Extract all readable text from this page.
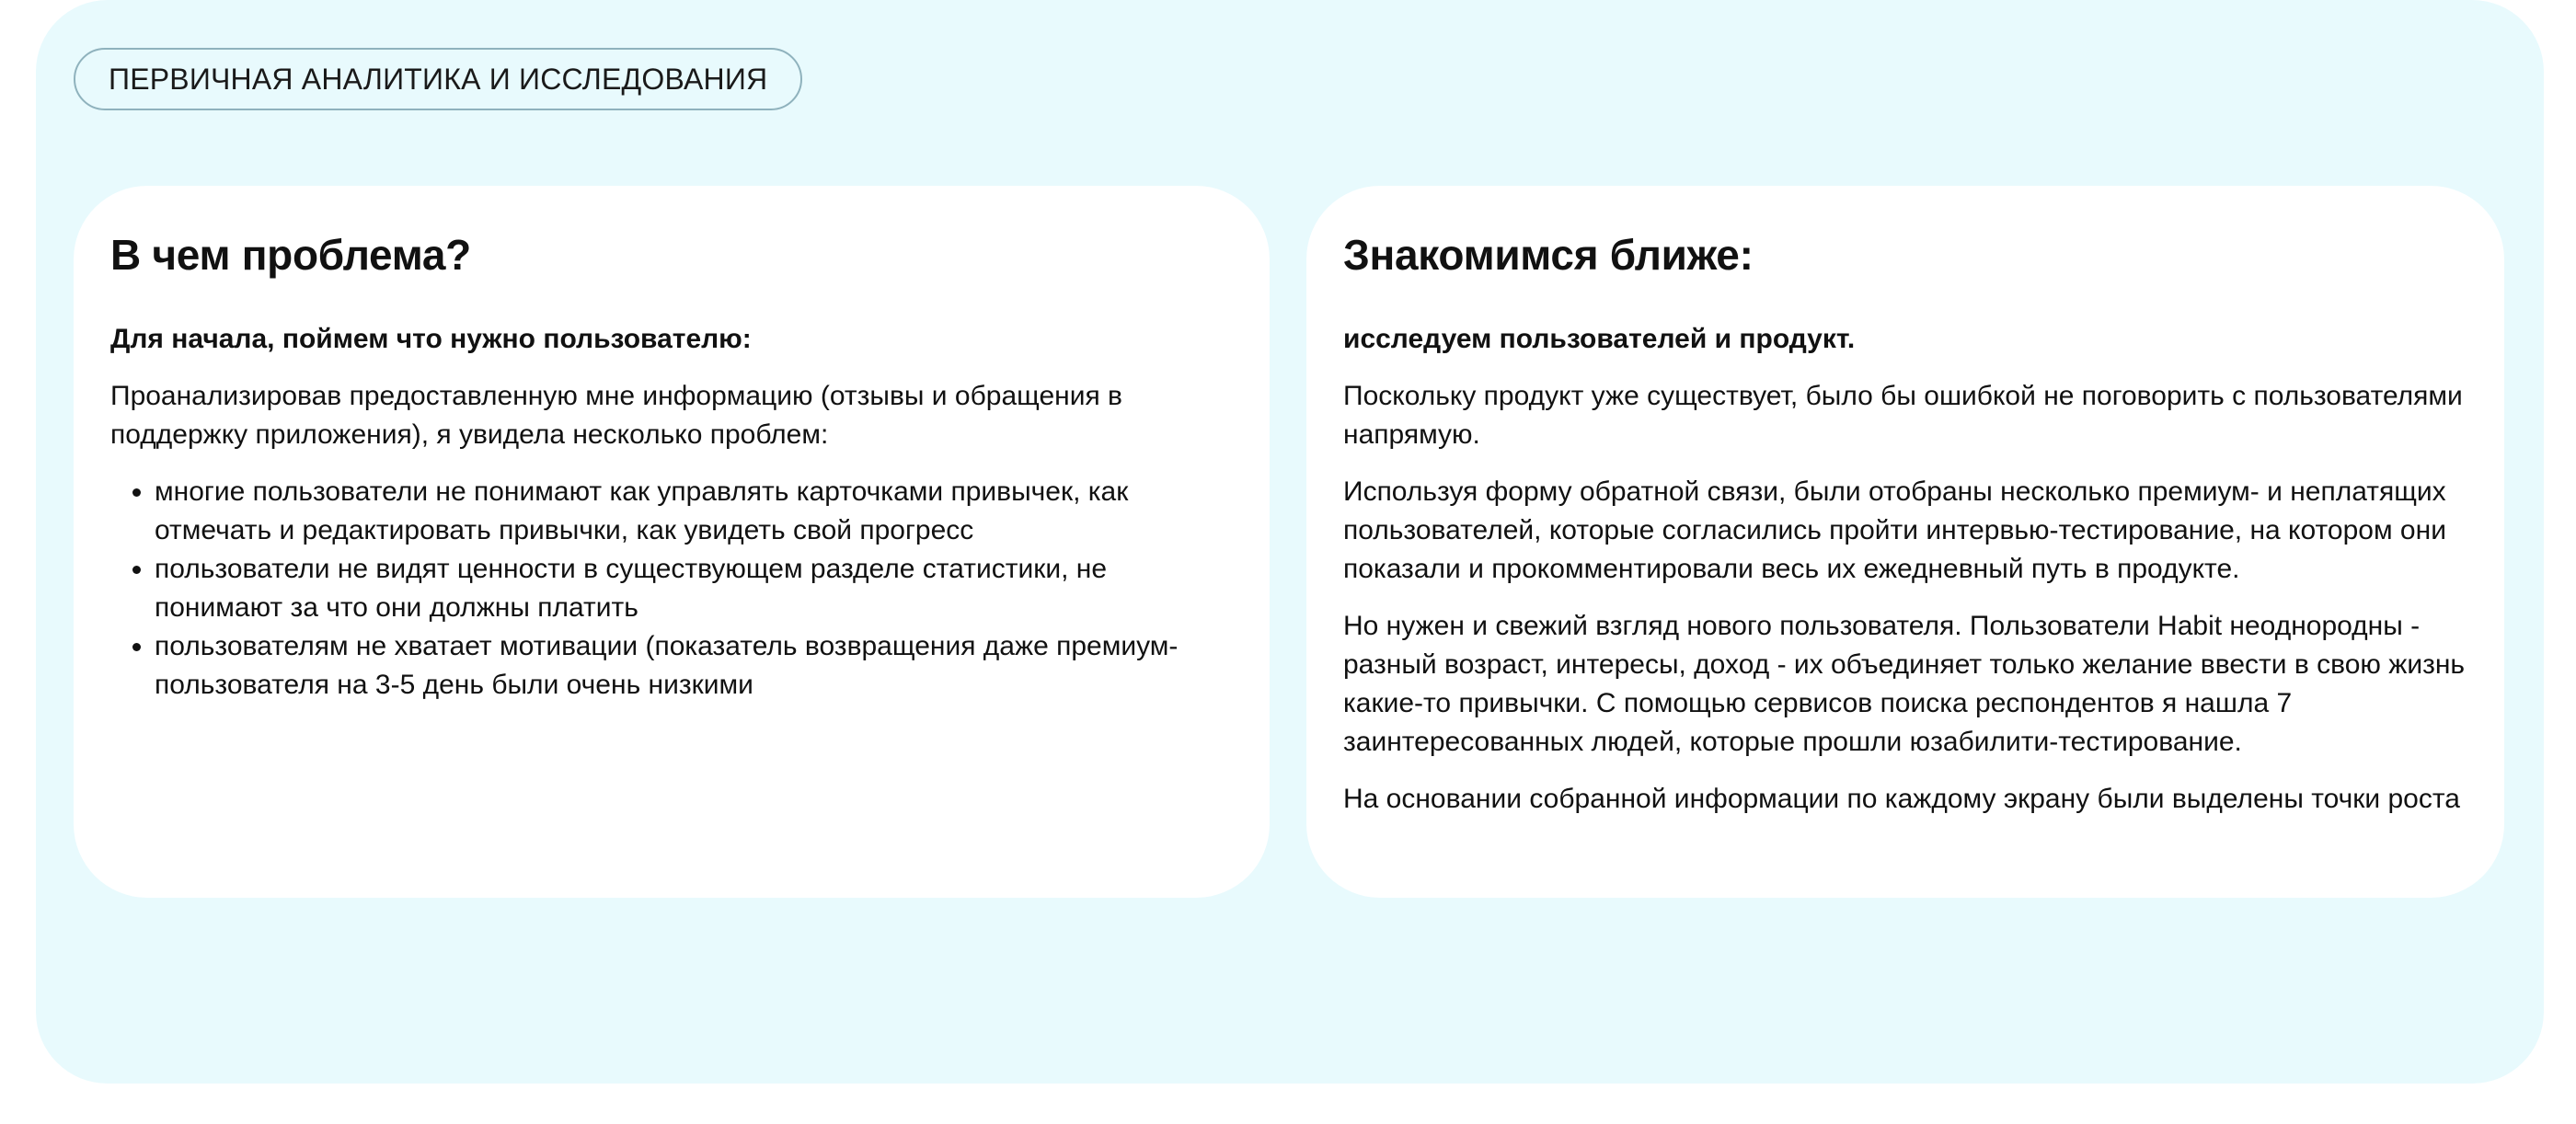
ПЕРВИЧНАЯ АНАЛИТИКА И ИССЛЕДОВАНИЯ
В чем проблема?

Для начала, поймем что нужно пользователю:

Проанализировав предоставленную мне информацию (отзывы и обращения в поддержку приложения), я увидела несколько проблем:

• многие пользователи не понимают как управлять карточками привычек, как отмечать и редактировать привычки, как увидеть свой прогресс
• пользователи не видят ценности в существующем разделе статистики, не понимают за что они должны платить
• пользователям не хватает мотивации (показатель возвращения даже премиум-пользователя на 3-5 день были очень низкими
Знакомимся ближе:

исследуем пользователей и продукт.

Поскольку продукт уже существует, было бы ошибкой не поговорить с пользователями напрямую.

Используя форму обратной связи, были отобраны несколько премиум- и неплатящих пользователей, которые согласились пройти интервью-тестирование, на котором они показали и прокомментировали весь их ежедневный путь в продукте.

Но нужен и свежий взгляд нового пользователя. Пользователи Habit неоднородны - разный возраст, интересы, доход - их объединяет только желание ввести в свою жизнь какие-то привычки. С помощью сервисов поиска респондентов я нашла 7 заинтересованных людей, которые прошли юзабилити-тестирование.

На основании собранной информации по каждому экрану были выделены точки роста
